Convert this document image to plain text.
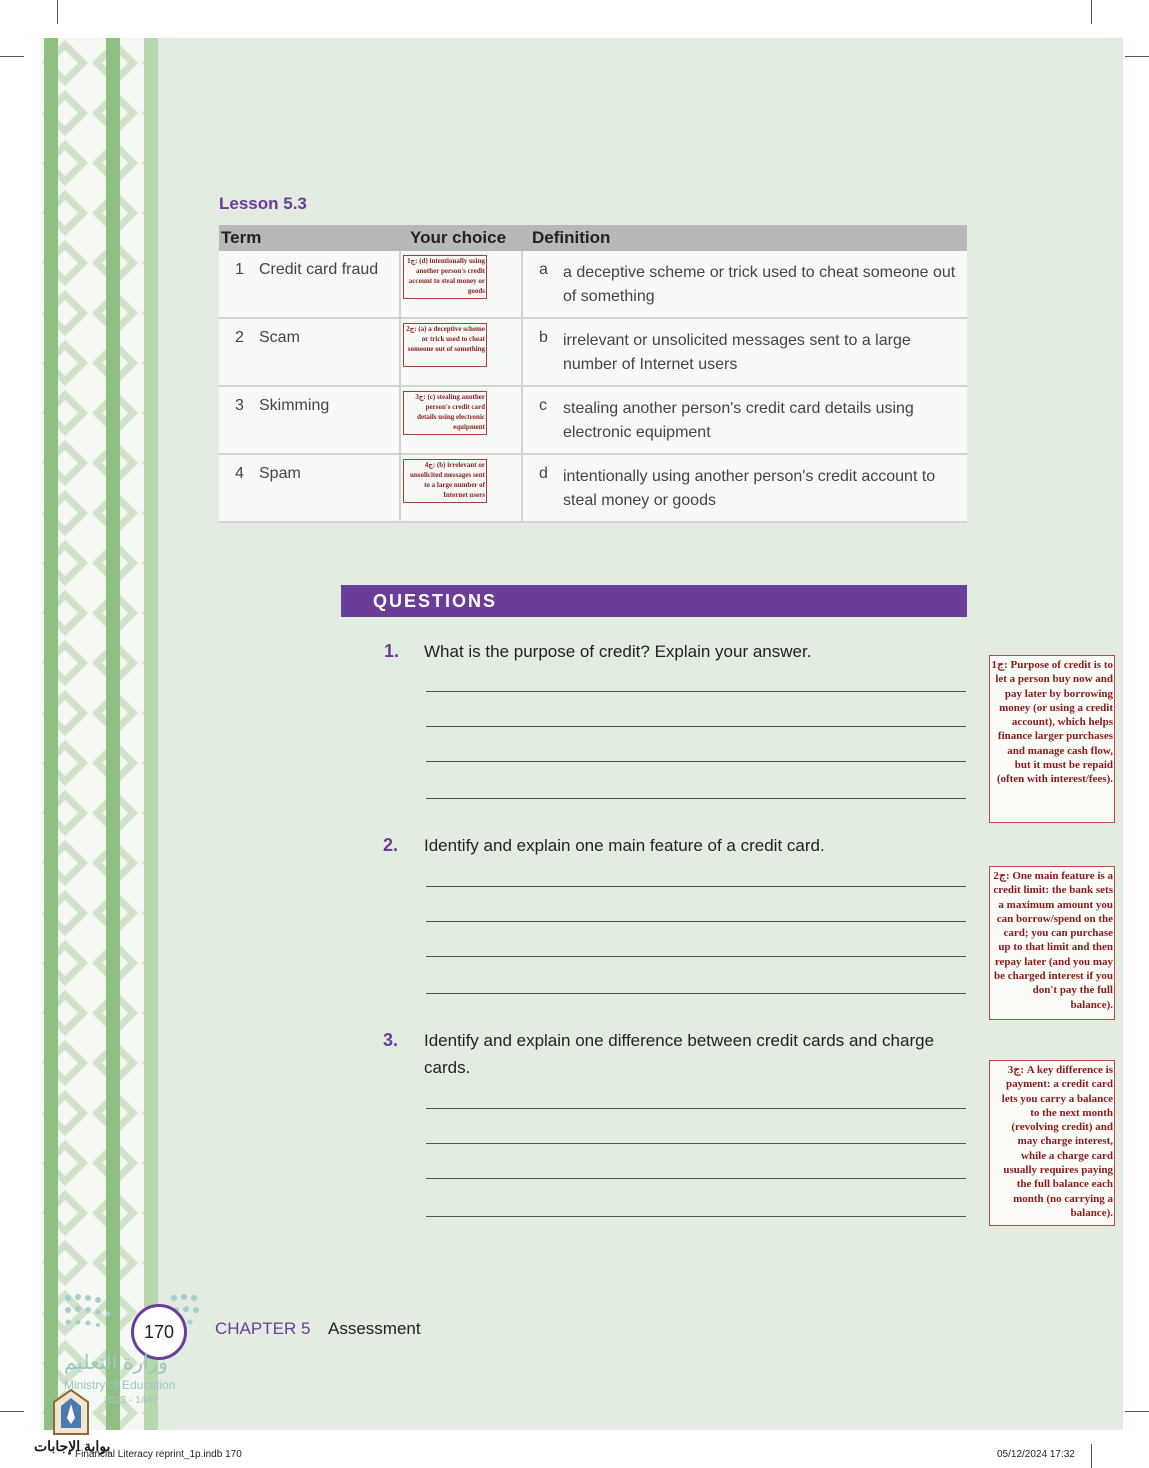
Lesson 5.3
Term		Your choice	Definition	
1	Credit card fraud	ج1: (d) intentionally using another person's credit account to steal money or goods	a	a deceptive scheme or trick used to cheat someone out of something
2	Scam	ج2: (a) a deceptive scheme or trick used to cheat someone out of something	b	irrelevant or unsolicited messages sent to a large number of Internet users
3	Skimming	ج3: (c) stealing another person's credit card details using electronic equipment	c	stealing another person's credit card details using electronic equipment
4	Spam	ج4: (b) irrelevant or unsolicited messages sent to a large number of Internet users	d	intentionally using another person's credit account to steal money or goods
QUESTIONS
1. What is the purpose of credit? Explain your answer.
2. Identify and explain one main feature of a credit card.
3. Identify and explain one difference between credit cards and charge cards.
ج1: Purpose of credit is to let a person buy now and pay later by borrowing money (or using a credit account), which helps finance larger purchases and manage cash flow, but it must be repaid (often with interest/fees).
ج2: One main feature is a credit limit: the bank sets a maximum amount you can borrow/spend on the card; you can purchase up to that limit and then repay later (and you may be charged interest if you don't pay the full balance).
ج3: A key difference is payment: a credit card lets you carry a balance to the next month (revolving credit) and may charge interest, while a charge card usually requires paying the full balance each month (no carrying a balance).
170	CHAPTER 5 Assessment
وزارة التعليم
Ministry of Education
2023 - 1447
بوابة الإجابات
Financial Literacy reprint_1p.indb 170	05/12/2024 17:32
